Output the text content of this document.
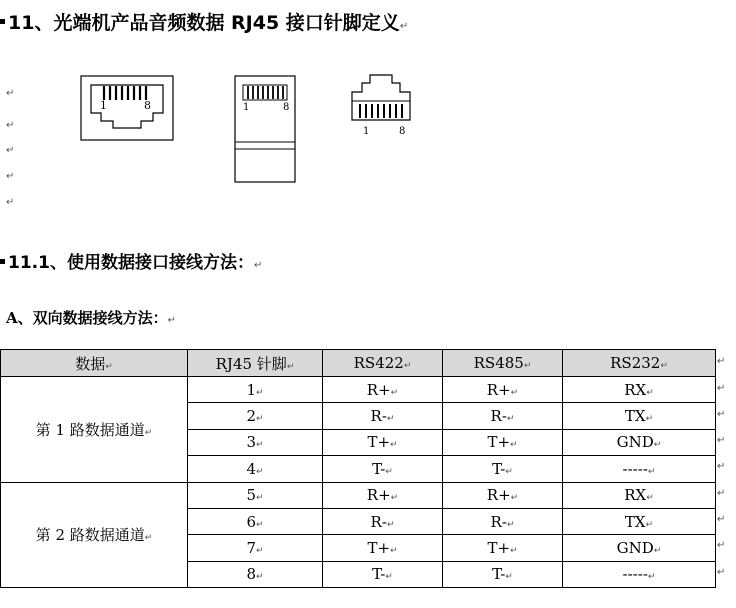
11、光端机产品音频数据 RJ45 接口针脚定义↵
↵
↵
↵
↵
↵
1	8	1	8
1	8
11.1、使用数据接口接线方法：↵
A、双向数据接线方法：↵
数据↵	RJ45 针脚↵	RS422↵	RS485↵	RS232↵
第 1 路数据通道↵	1↵	R+↵	R+↵	RX↵
	2↵	R-↵	R-↵	TX↵
	3↵	T+↵	T+↵	GND↵
	4↵	T-↵	T-↵	-----↵
第 2 路数据通道↵	5↵	R+↵	R+↵	RX↵
	6↵	R-↵	R-↵	TX↵
	7↵	T+↵	T+↵	GND↵
	8↵	T-↵	T-↵	-----↵
↵
↵
↵
↵
↵
↵
↵
↵
↵
